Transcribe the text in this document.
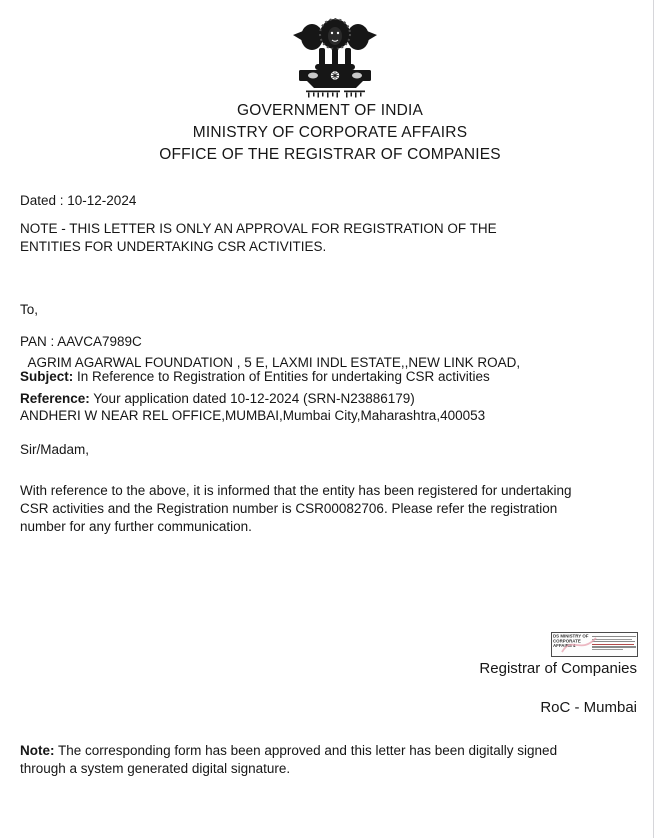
GOVERNMENT OF INDIA
MINISTRY OF CORPORATE AFFAIRS
OFFICE OF THE REGISTRAR OF COMPANIES
Dated : 10-12-2024
NOTE - THIS LETTER IS ONLY AN APPROVAL FOR REGISTRATION OF THE
ENTITIES FOR UNDERTAKING CSR ACTIVITIES.

To,

AGRIM AGARWAL FOUNDATION , 5 E, LAXMI INDL ESTATE,,NEW LINK ROAD,

ANDHERI W NEAR REL OFFICE,MUMBAI,Mumbai City,Maharashtra,400053

PAN : AAVCA7989C
Subject: In Reference to Registration of Entities for undertaking CSR activities
Reference: Your application dated 10-12-2024 (SRN-N23886179)
Sir/Madam,
With reference to the above, it is informed that the entity has been registered for undertaking
CSR activities and the Registration number is CSR00082706. Please refer the registration
number for any further communication.
DS MINISTRY OF
CORPORATE
AFFAIRS 4
Registrar of Companies
RoC - Mumbai
Note: The corresponding form has been approved and this letter has been digitally signed
through a system generated digital signature.
